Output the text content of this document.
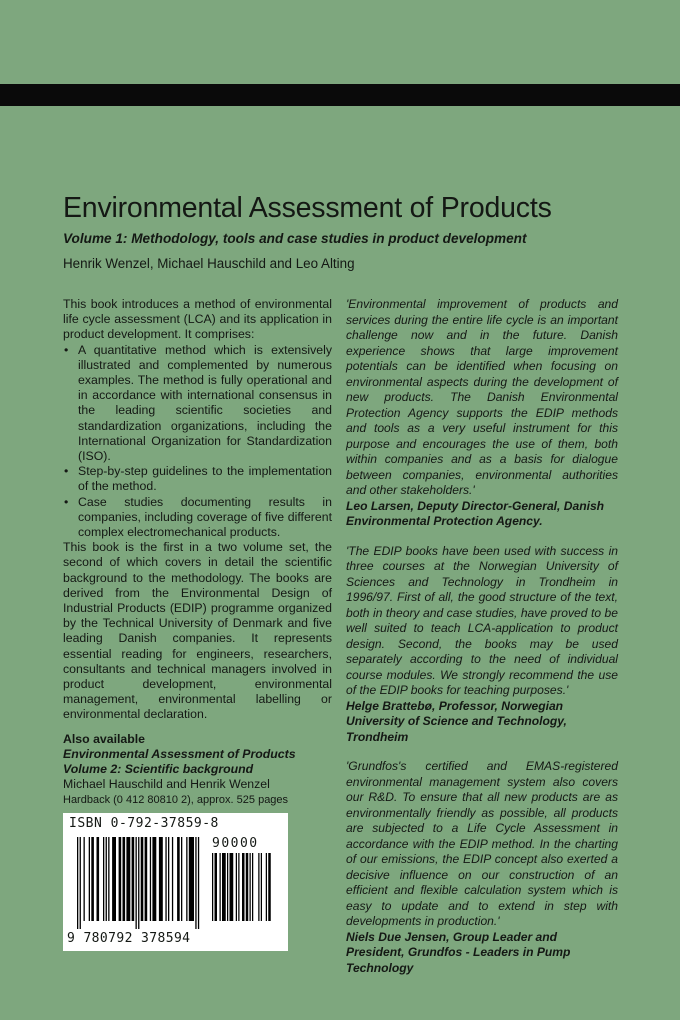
Environmental Assessment of Products
Volume 1: Methodology, tools and case studies in product development
Henrik Wenzel, Michael Hauschild and Leo Alting

This book introduces a method of environmental life cycle assessment (LCA) and its application in product development. It comprises:

• A quantitative method which is extensively illustrated and complemented by numerous examples. The method is fully operational and in accordance with international consensus in the leading scientific societies and standardization organizations, including the International Organization for Standardization (ISO).
• Step-by-step guidelines to the implementation of the method.
• Case studies documenting results in companies, including coverage of five different complex electromechanical products.

This book is the first in a two volume set, the second of which covers in detail the scientific background to the methodology. The books are derived from the Environmental Design of Industrial Products (EDIP) programme organized by the Technical University of Denmark and five leading Danish companies. It represents essential reading for engineers, researchers, consultants and technical managers involved in product development, environmental management, environmental labelling or environmental declaration.

Also available
Environmental Assessment of Products
Volume 2: Scientific background
Michael Hauschild and Henrik Wenzel
Hardback (0 412 80810 2), approx. 525 pages

'Environmental improvement of products and services during the entire life cycle is an important challenge now and in the future. Danish experience shows that large improvement potentials can be identified when focusing on environmental aspects during the development of new products. The Danish Environmental Protection Agency supports the EDIP methods and tools as a very useful instrument for this purpose and encourages the use of them, both within companies and as a basis for dialogue between companies, environmental authorities and other stakeholders.'

Leo Larsen, Deputy Director-General, Danish Environmental Protection Agency.

'The EDIP books have been used with success in three courses at the Norwegian University of Sciences and Technology in Trondheim in 1996/97. First of all, the good structure of the text, both in theory and case studies, have proved to be well suited to teach LCA-application to product design. Second, the books may be used separately according to the need of individual course modules. We strongly recommend the use of the EDIP books for teaching purposes.'

Helge Brattebø, Professor, Norwegian University of Science and Technology, Trondheim

'Grundfos's certified and EMAS-registered environmental management system also covers our R&D. To ensure that all new products are as environmentally friendly as possible, all products are subjected to a Life Cycle Assessment in accordance with the EDIP method. In the charting of our emissions, the EDIP concept also exerted a decisive influence on our construction of an efficient and flexible calculation system which is easy to update and to extend in step with developments in production.'

Niels Due Jensen, Group Leader and President, Grundfos - Leaders in Pump Technology

ISBN 0-792-37859-8
90000
9 780792 378594
